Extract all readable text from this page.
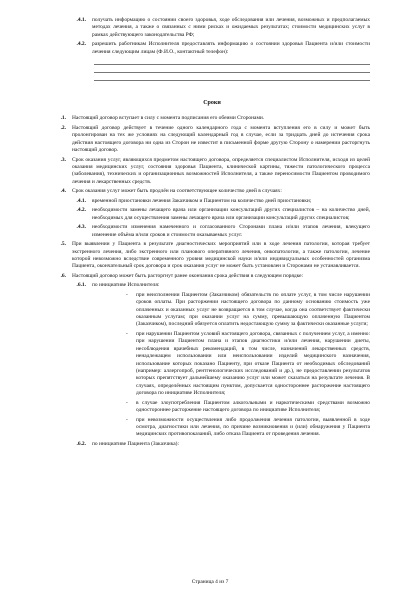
.4.1.	получать информацию о состоянии своего здоровья, ходе обследования или лечения, возможных и предполагаемых методах лечения, а также о связанных с ними рисках и ожидаемых результатах; стоимости медицинских услуг в рамках действующего законодательства РФ;
.4.2.	разрешить работникам Исполнителя предоставлять информацию о состоянии здоровья Пациента и/или стоимости лечения следующим лицам (Ф.И.О., контактный телефон):
Сроки
.1.	Настоящий договор вступает в силу с момента подписания его обеими Сторонами.
.2.	Настоящий договор действует в течение одного календарного года с момента вступления его в силу и может быть пролонгирован на тех же условиях на следующий календарный год в случае, если за тридцать дней до истечения срока действия настоящего договора ни одна из Сторон не известит в письменной форме другую Сторону о намерении расторгнуть настоящий договор.
.3.	Срок оказания услуг, являющихся предметом настоящего договора, определяется специалистом Исполнителя, исходя из целей оказания медицинских услуг, состояния здоровья Пациента, клинической картины, тяжести патологического процесса (заболевания), технических и организационных возможностей Исполнителя, а также переносимости Пациентом проводимого лечения и лекарственных средств.
.4.	Срок оказания услуг может быть продлён на соответствующее количество дней в случаях:
.4.1.	временной приостановки лечения Заказчиком и Пациентом на количество дней приостановки;
.4.2.	необходимости замены лечащего врача или организации консультаций других специалистов – на количество дней, необходимых для осуществления замены лечащего врача или организации консультаций других специалистов;
.4.3.	необходимости изменения намеченного и согласованного Сторонами плана и/или этапов лечения, влекущего изменение объёма и/или сроков и стоимости оказываемых услуг.
.5.	При выявлении у Пациента в результате диагностических мероприятий или в ходе лечения патологии, которая требует экстренного лечения, либо экстренного или планового оперативного лечения, онкопатологии, а также патологии, лечение которой невозможно вследствие современного уровня медицинской науки и/или индивидуальных особенностей организма Пациента, окончательный срок договора и срок оказания услуг не может быть установлен и Сторонами не устанавливается.
.6.	Настоящий договор может быть расторгнут ранее окончания срока действия в следующем порядке:
.6.1.	по инициативе Исполнителя:
-	при неисполнении Пациентом (Заказчиком) обязательств по оплате услуг, в том числе нарушении сроков оплаты. При расторжении настоящего договора по данному основанию стоимость уже оплаченных и оказанных услуг не возвращается в том случае, когда она соответствует фактически оказанным услугам; при оказании услуг на сумму, превышающую оплаченную Пациентом (Заказчиком), последний обязуется оплатить недостающую сумму за фактически оказанные услуги;
-	при нарушении Пациентом условий настоящего договора, связанных с получением услуг, а именно: при нарушении Пациентом плана и этапов диагностики и/или лечения, нарушении диеты, несоблюдения врачебных рекомендаций, в том числе, назначений лекарственных средств, ненадлежащем использовании или неиспользовании изделий медицинского назначения, использование которых показано Пациенту, при отказе Пациента от необходимых обследований (например: аллергопроб, рентгенологических исследований и др.), не предоставлении результатов которых препятствует дальнейшему оказанию услуг или может сказаться на результате лечения. В случаях, определённых настоящим пунктом, допускается одностороннее расторжение настоящего договора по инициативе Исполнителя;
-	в случае злоупотребления Пациентом алкогольными и наркотическими средствами возможно одностороннее расторжение настоящего договора по инициативе Исполнителя;
-	при невозможности осуществления либо продолжения лечения патологии, выявленной в ходе осмотра, диагностики или лечения, по причине возникновения и (или) обнаружения у Пациента медицинских противопоказаний, либо отказа Пациента от проведения лечения.
.6.2.	по инициативе Пациента (Заказчика):
Страница 4 из 7
